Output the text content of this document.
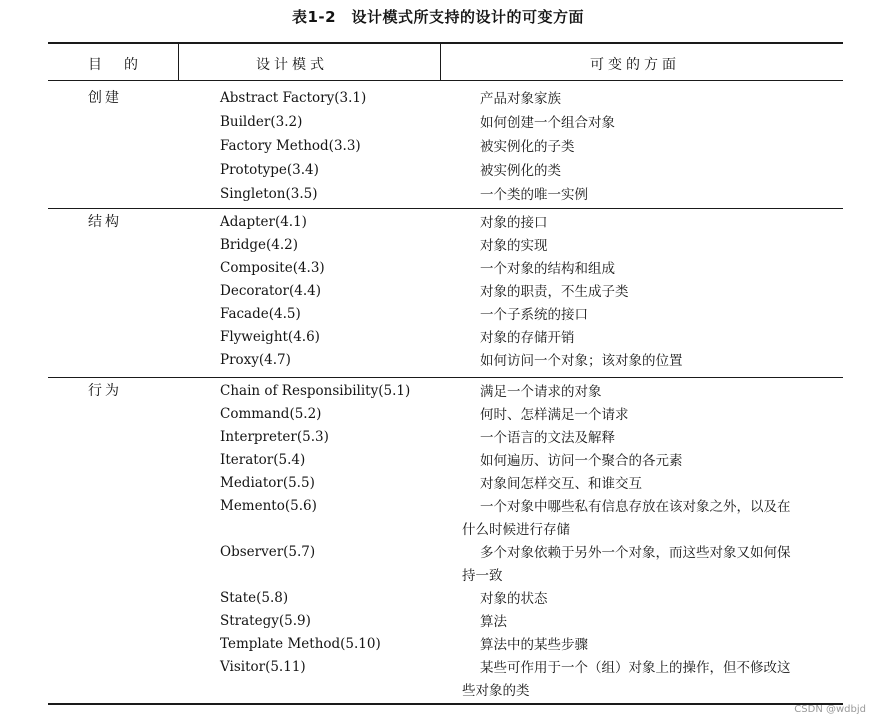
表1-2　设计模式所支持的设计的可变方面
目　的	设计模式	可变的方面
创建	Abstract Factory(3.1)	产品对象家族
Builder(3.2)	如何创建一个组合对象
Factory Method(3.3)	被实例化的子类
Prototype(3.4)	被实例化的类
Singleton(3.5)	一个类的唯一实例
结构	Adapter(4.1)	对象的接口
Bridge(4.2)	对象的实现
Composite(4.3)	一个对象的结构和组成
Decorator(4.4)	对象的职责，不生成子类
Facade(4.5)	一个子系统的接口
Flyweight(4.6)	对象的存储开销
Proxy(4.7)	如何访问一个对象；该对象的位置
行为	Chain of Responsibility(5.1)	满足一个请求的对象
Command(5.2)	何时、怎样满足一个请求
Interpreter(5.3)	一个语言的文法及解释
Iterator(5.4)	如何遍历、访问一个聚合的各元素
Mediator(5.5)	对象间怎样交互、和谁交互
Memento(5.6)	一个对象中哪些私有信息存放在该对象之外，以及在
什么时候进行存储
Observer(5.7)	多个对象依赖于另外一个对象，而这些对象又如何保
持一致
State(5.8)	对象的状态
Strategy(5.9)	算法
Template Method(5.10)	算法中的某些步骤
Visitor(5.11)	某些可作用于一个（组）对象上的操作，但不修改这
些对象的类
CSDN @wdbjd
